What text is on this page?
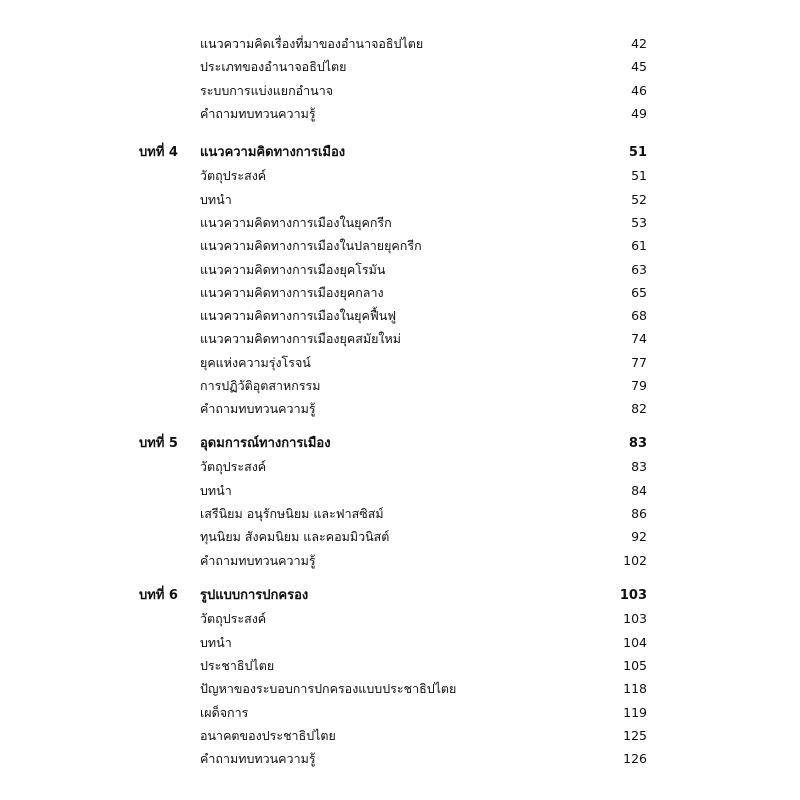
แนวความคิดเรื่องที่มาของอำนาจอธิปไตย	42
ประเภทของอำนาจอธิปไตย	45
ระบบการแบ่งแยกอำนาจ	46
คำถามทบทวนความรู้	49
บทที่ 4 แนวความคิดทางการเมือง	51
วัตถุประสงค์	51
บทนำ	52
แนวความคิดทางการเมืองในยุคกรีก	53
แนวความคิดทางการเมืองในปลายยุคกรีก	61
แนวความคิดทางการเมืองยุคโรมัน	63
แนวความคิดทางการเมืองยุคกลาง	65
แนวความคิดทางการเมืองในยุคฟื้นฟู	68
แนวความคิดทางการเมืองยุคสมัยใหม่	74
ยุคแห่งความรุ่งโรจน์	77
การปฏิวัติอุตสาหกรรม	79
คำถามทบทวนความรู้	82
บทที่ 5 อุดมการณ์ทางการเมือง	83
วัตถุประสงค์	83
บทนำ	84
เสรีนิยม อนุรักษนิยม และฟาสซิสม์	86
ทุนนิยม สังคมนิยม และคอมมิวนิสต์	92
คำถามทบทวนความรู้	102
บทที่ 6 รูปแบบการปกครอง	103
วัตถุประสงค์	103
บทนำ	104
ประชาธิปไตย	105
ปัญหาของระบอบการปกครองแบบประชาธิปไตย	118
เผด็จการ	119
อนาคตของประชาธิปไตย	125
คำถามทบทวนความรู้	126
